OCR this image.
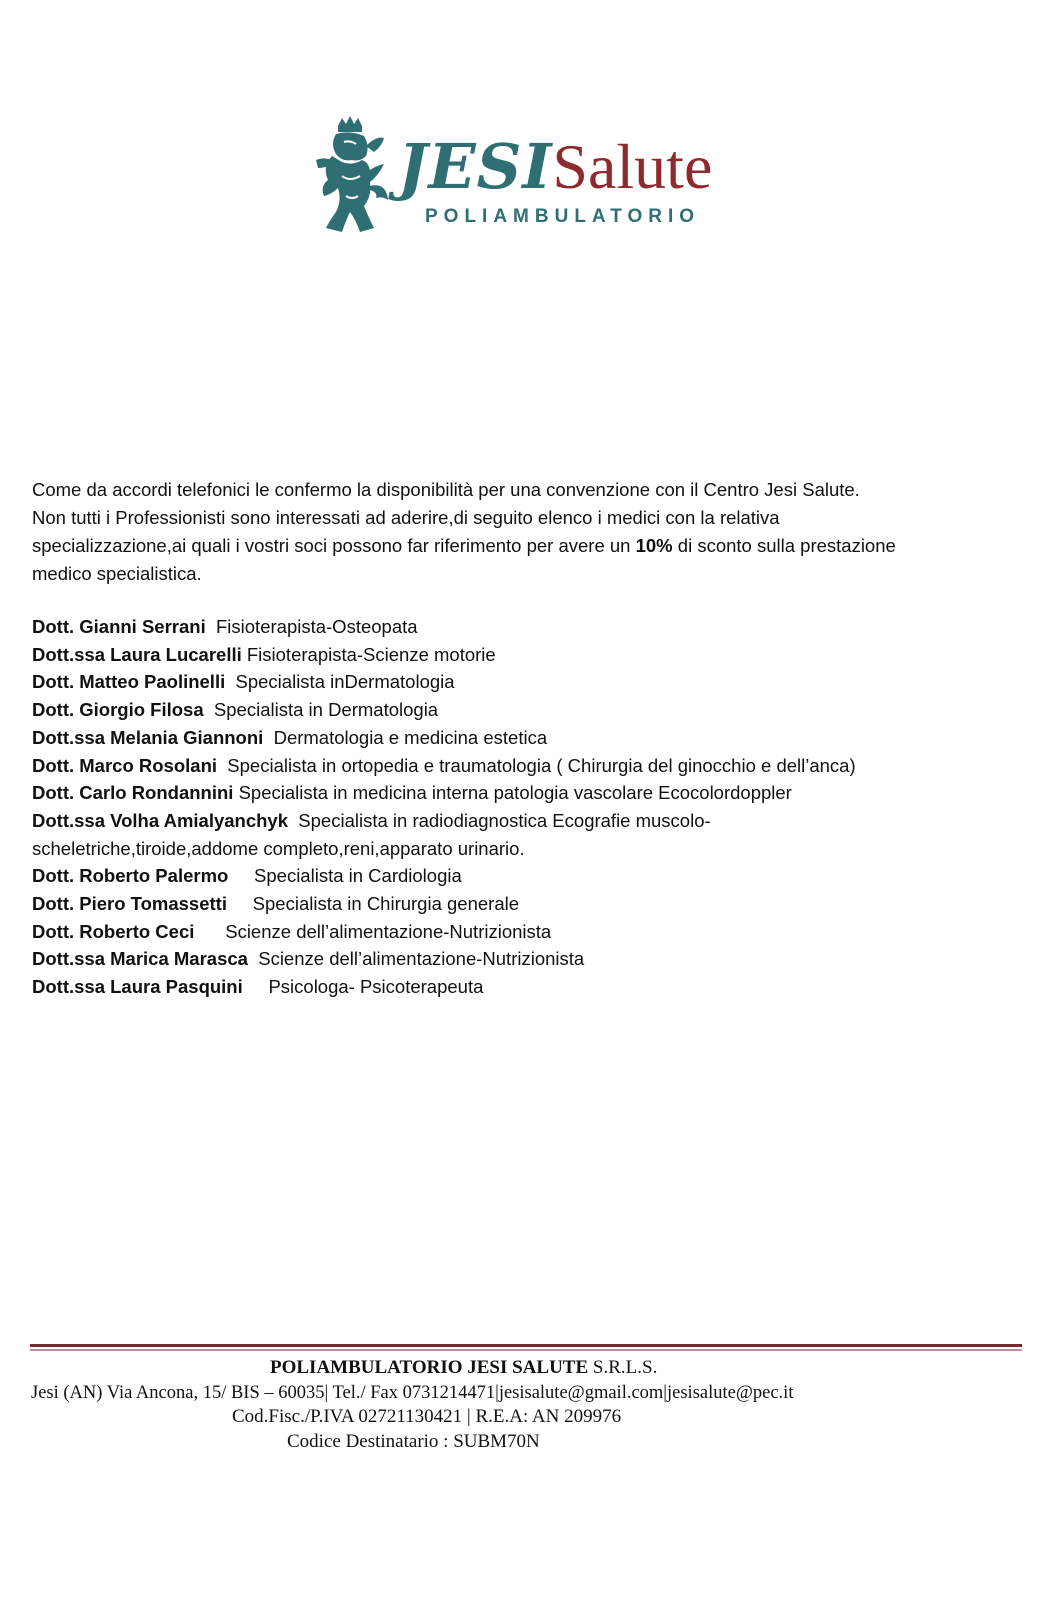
JESISalute
POLIAMBULATORIO
Come da accordi telefonici le confermo la disponibilità per una convenzione con il Centro Jesi Salute.
Non tutti i Professionisti sono interessati ad aderire,di seguito elenco i medici con la relativa
specializzazione,ai quali i vostri soci possono far riferimento per avere un 10% di sconto sulla prestazione
medico specialistica.
Dott. Gianni Serrani Fisioterapista-Osteopata
Dott.ssa Laura Lucarelli Fisioterapista-Scienze motorie
Dott. Matteo Paolinelli Specialista inDermatologia
Dott. Giorgio Filosa Specialista in Dermatologia
Dott.ssa Melania Giannoni Dermatologia e medicina estetica
Dott. Marco Rosolani Specialista in ortopedia e traumatologia ( Chirurgia del ginocchio e dell’anca)
Dott. Carlo Rondannini Specialista in medicina interna patologia vascolare Ecocolordoppler
Dott.ssa Volha Amialyanchyk Specialista in radiodiagnostica Ecografie muscolo-
scheletriche,tiroide,addome completo,reni,apparato urinario.
Dott. Roberto Palermo Specialista in Cardiologia
Dott. Piero Tomassetti Specialista in Chirurgia generale
Dott. Roberto Ceci Scienze dell’alimentazione-Nutrizionista
Dott.ssa Marica Marasca Scienze dell’alimentazione-Nutrizionista
Dott.ssa Laura Pasquini Psicologa- Psicoterapeuta
POLIAMBULATORIO JESI SALUTE S.R.L.S.
Jesi (AN) Via Ancona, 15/ BIS – 60035| Tel./ Fax 0731214471|jesisalute@gmail.com|jesisalute@pec.it
Cod.Fisc./P.IVA 02721130421 | R.E.A: AN 209976
Codice Destinatario : SUBM70N
